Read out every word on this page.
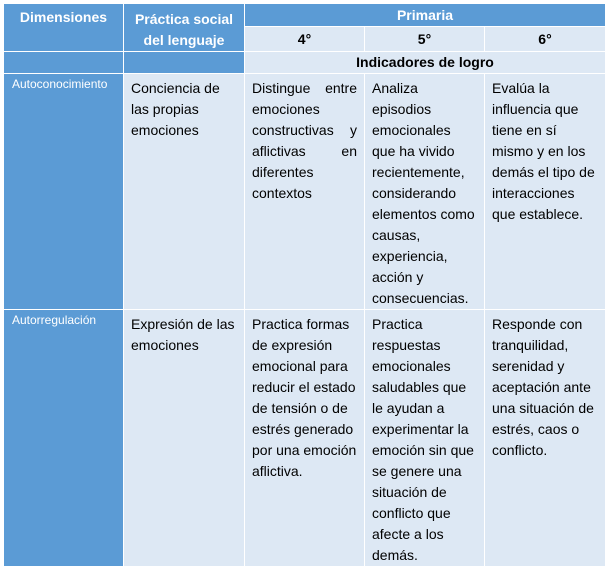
Dimensiones	Práctica social del lenguaje	Primaria		
		4°	5°	6°
		Indicadores de logro		
Autoconocimiento	Conciencia de las propias emociones	Distingue entre emociones constructivas y aflictivas en diferentes contextos	Analiza episodios emocionales que ha vivido recientemente, considerando elementos como causas, experiencia, acción y consecuencias.	Evalúa la influencia que tiene en sí mismo y en los demás el tipo de interacciones que establece.
Autorregulación	Expresión de las emociones	Practica formas de expresión emocional para reducir el estado de tensión o de estrés generado por una emoción aflictiva.	Practica respuestas emocionales saludables que le ayudan a experimentar la emoción sin que se genere una situación de conflicto que afecte a los demás.	Responde con tranquilidad, serenidad y aceptación ante una situación de estrés, caos o conflicto.
